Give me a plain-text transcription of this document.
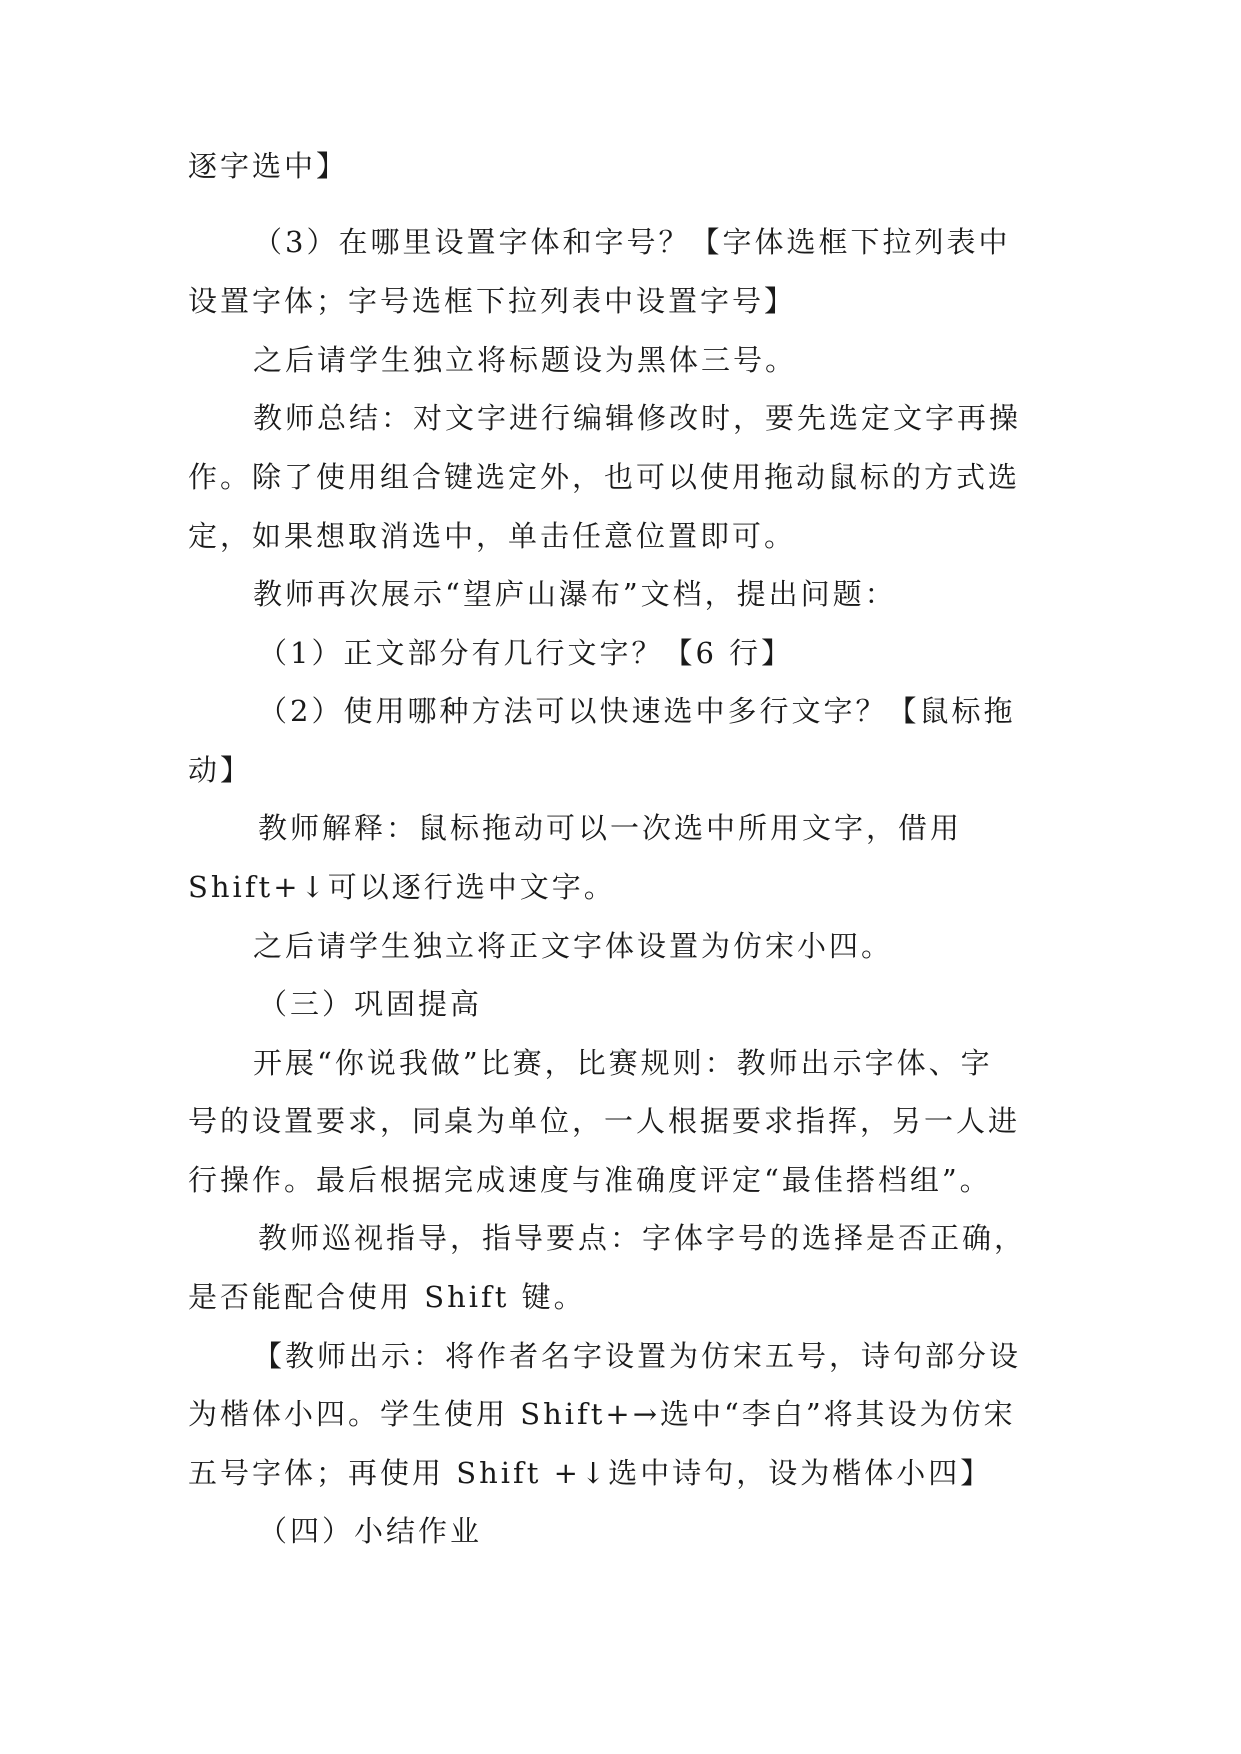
逐字选中】
（3）在哪里设置字体和字号？【字体选框下拉列表中
设置字体；字号选框下拉列表中设置字号】
之后请学生独立将标题设为黑体三号。
教师总结：对文字进行编辑修改时，要先选定文字再操
作。除了使用组合键选定外，也可以使用拖动鼠标的方式选
定，如果想取消选中，单击任意位置即可。
教师再次展示“望庐山瀑布”文档，提出问题：
（1）正文部分有几行文字？【6 行】
（2）使用哪种方法可以快速选中多行文字？【鼠标拖
动】
教师解释：鼠标拖动可以一次选中所用文字，借用
Shift+↓可以逐行选中文字。
之后请学生独立将正文字体设置为仿宋小四。
（三）巩固提高
开展“你说我做”比赛，比赛规则：教师出示字体、字
号的设置要求，同桌为单位，一人根据要求指挥，另一人进
行操作。最后根据完成速度与准确度评定“最佳搭档组”。
教师巡视指导，指导要点：字体字号的选择是否正确，
是否能配合使用 Shift 键。
【教师出示：将作者名字设置为仿宋五号，诗句部分设
为楷体小四。学生使用 Shift+→选中“李白”将其设为仿宋
五号字体；再使用 Shift +↓选中诗句，设为楷体小四】
（四）小结作业
